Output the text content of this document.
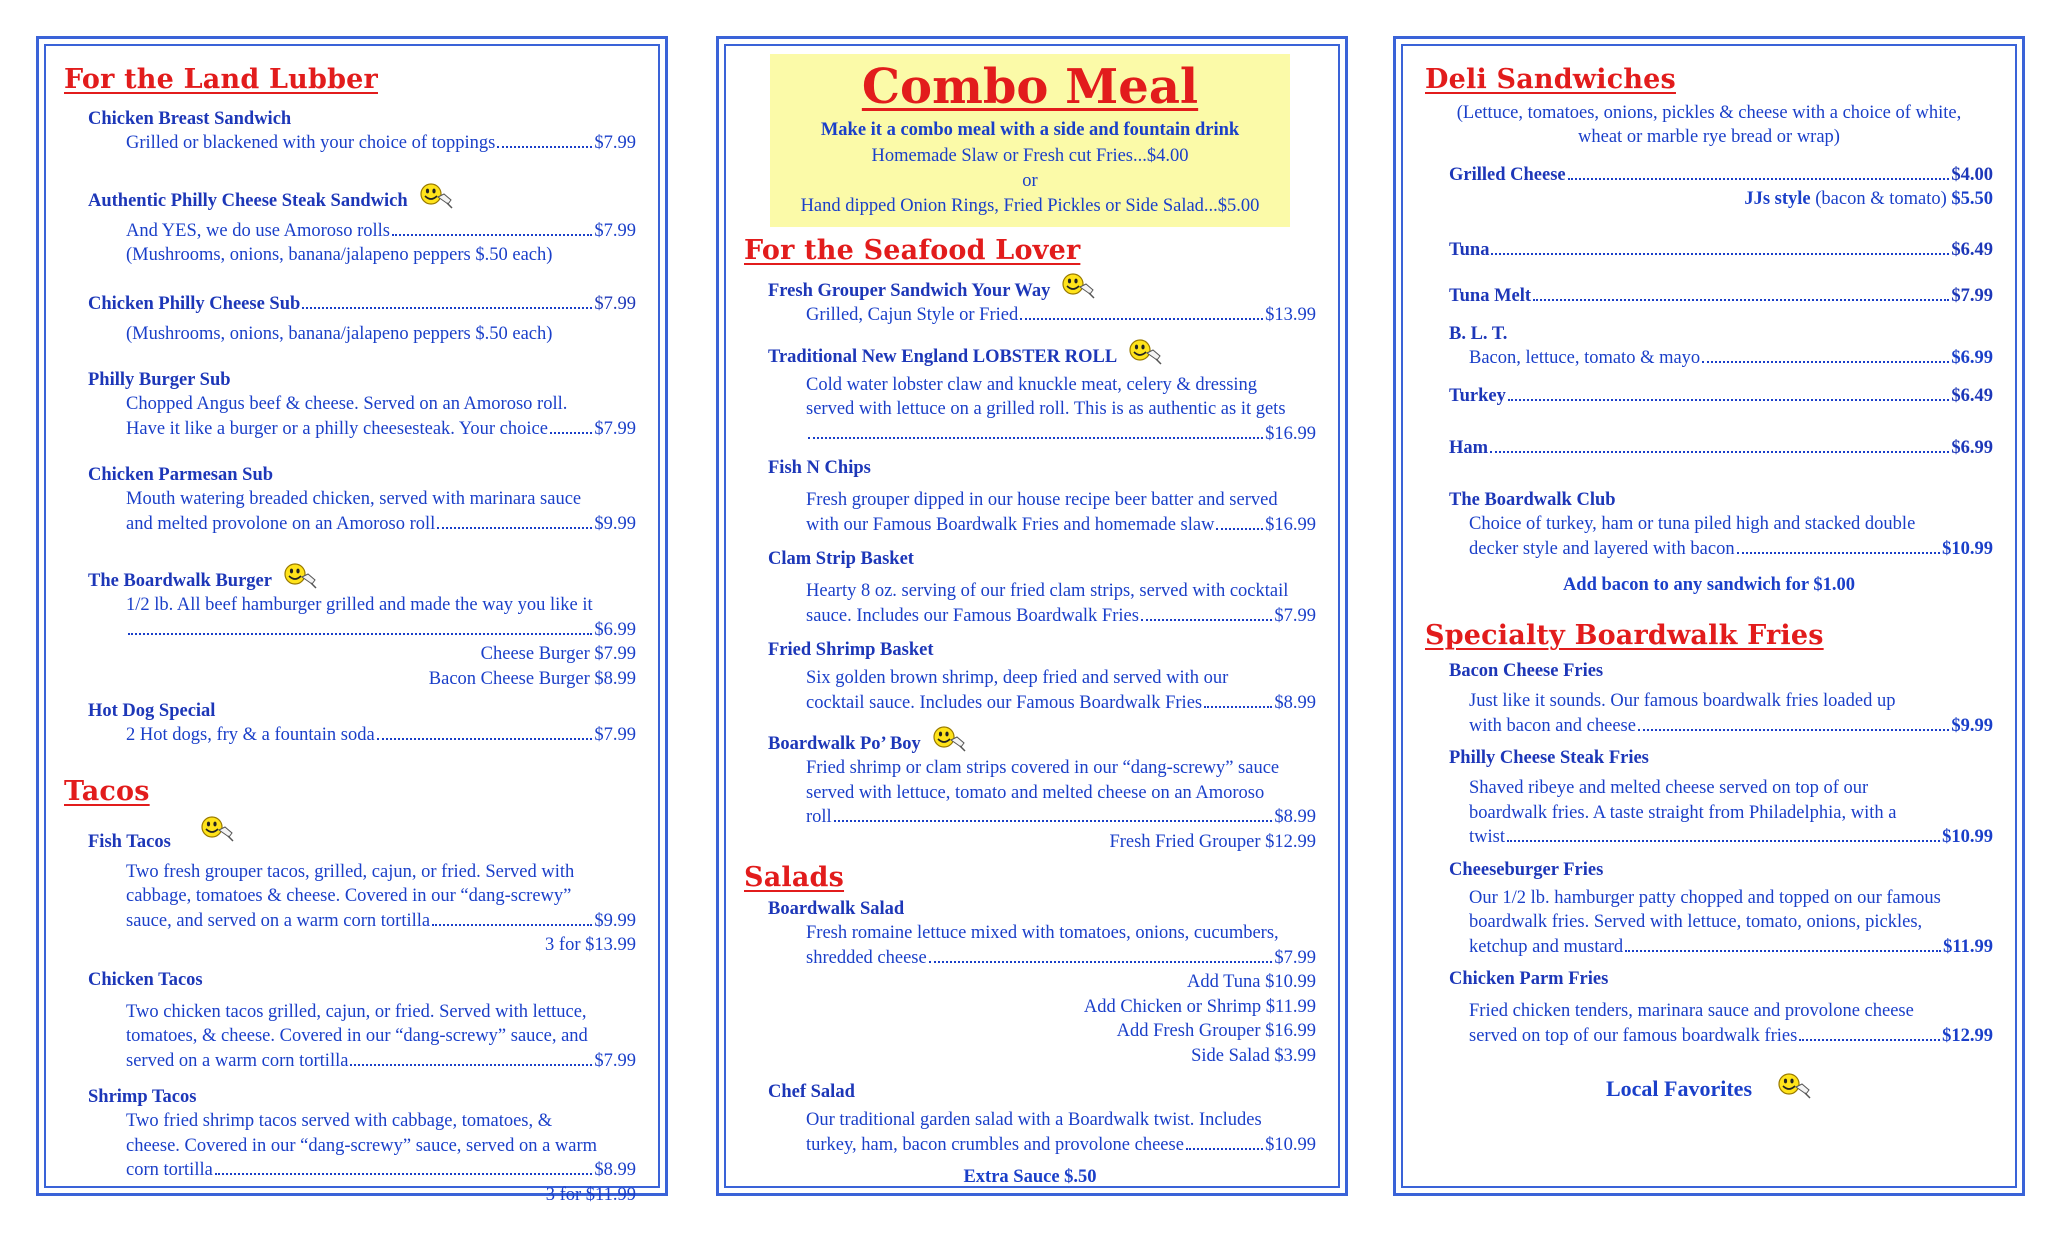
For the Land Lubber
Chicken Breast Sandwich
Grilled or blackened with your choice of toppings	$7.99
Authentic Philly Cheese Steak Sandwich
And YES, we do use Amoroso rolls	$7.99
(Mushrooms, onions, banana/jalapeno peppers $.50 each)
Chicken Philly Cheese Sub	$7.99
(Mushrooms, onions, banana/jalapeno peppers $.50 each)
Philly Burger Sub
Chopped Angus beef & cheese. Served on an Amoroso roll.
Have it like a burger or a philly cheesesteak. Your choice	$7.99
Chicken Parmesan Sub
Mouth watering breaded chicken, served with marinara sauce
and melted provolone on an Amoroso roll	$9.99
The Boardwalk Burger
1/2 lb. All beef hamburger grilled and made the way you like it
$6.99
Cheese Burger $7.99
Bacon Cheese Burger $8.99
Hot Dog Special
2 Hot dogs, fry & a fountain soda	$7.99
Tacos
Fish Tacos
Two fresh grouper tacos, grilled, cajun, or fried. Served with
cabbage, tomatoes & cheese. Covered in our “dang-screwy”
sauce, and served on a warm corn tortilla	$9.99
3 for $13.99
Chicken Tacos
Two chicken tacos grilled, cajun, or fried. Served with lettuce,
tomatoes, & cheese. Covered in our “dang-screwy” sauce, and
served on a warm corn tortilla	$7.99
Shrimp Tacos
Two fried shrimp tacos served with cabbage, tomatoes, &
cheese. Covered in our “dang-screwy” sauce, served on a warm
corn tortilla	$8.99
3 for $11.99
Combo Meal
Make it a combo meal with a side and fountain drink
Homemade Slaw or Fresh cut Fries...$4.00
or
Hand dipped Onion Rings, Fried Pickles or Side Salad...$5.00
For the Seafood Lover
Fresh Grouper Sandwich Your Way
Grilled, Cajun Style or Fried	$13.99
Traditional New England LOBSTER ROLL
Cold water lobster claw and knuckle meat, celery & dressing
served with lettuce on a grilled roll. This is as authentic as it gets
$16.99
Fish N Chips
Fresh grouper dipped in our house recipe beer batter and served
with our Famous Boardwalk Fries and homemade slaw	$16.99
Clam Strip Basket
Hearty 8 oz. serving of our fried clam strips, served with cocktail
sauce. Includes our Famous Boardwalk Fries	$7.99
Fried Shrimp Basket
Six golden brown shrimp, deep fried and served with our
cocktail sauce. Includes our Famous Boardwalk Fries	$8.99
Boardwalk Po’ Boy
Fried shrimp or clam strips covered in our “dang-screwy” sauce
served with lettuce, tomato and melted cheese on an Amoroso
roll	$8.99
Fresh Fried Grouper $12.99
Salads
Boardwalk Salad
Fresh romaine lettuce mixed with tomatoes, onions, cucumbers,
shredded cheese	$7.99
Add Tuna $10.99
Add Chicken or Shrimp $11.99
Add Fresh Grouper $16.99
Side Salad $3.99
Chef Salad
Our traditional garden salad with a Boardwalk twist. Includes
turkey, ham, bacon crumbles and provolone cheese	$10.99
Extra Sauce $.50
Deli Sandwiches
(Lettuce, tomatoes, onions, pickles & cheese with a choice of white, wheat or marble rye bread or wrap)
Grilled Cheese	$4.00
JJs style (bacon & tomato) $5.50
Tuna	$6.49
Tuna Melt	$7.99
B. L. T.
Bacon, lettuce, tomato & mayo	$6.99
Turkey	$6.49
Ham	$6.99
The Boardwalk Club
Choice of turkey, ham or tuna piled high and stacked double
decker style and layered with bacon	$10.99
Add bacon to any sandwich for $1.00
Specialty Boardwalk Fries
Bacon Cheese Fries
Just like it sounds. Our famous boardwalk fries loaded up
with bacon and cheese	$9.99
Philly Cheese Steak Fries
Shaved ribeye and melted cheese served on top of our
boardwalk fries. A taste straight from Philadelphia, with a
twist	$10.99
Cheeseburger Fries
Our 1/2 lb. hamburger patty chopped and topped on our famous
boardwalk fries. Served with lettuce, tomato, onions, pickles,
ketchup and mustard	$11.99
Chicken Parm Fries
Fried chicken tenders, marinara sauce and provolone cheese
served on top of our famous boardwalk fries	$12.99
Local Favorites
